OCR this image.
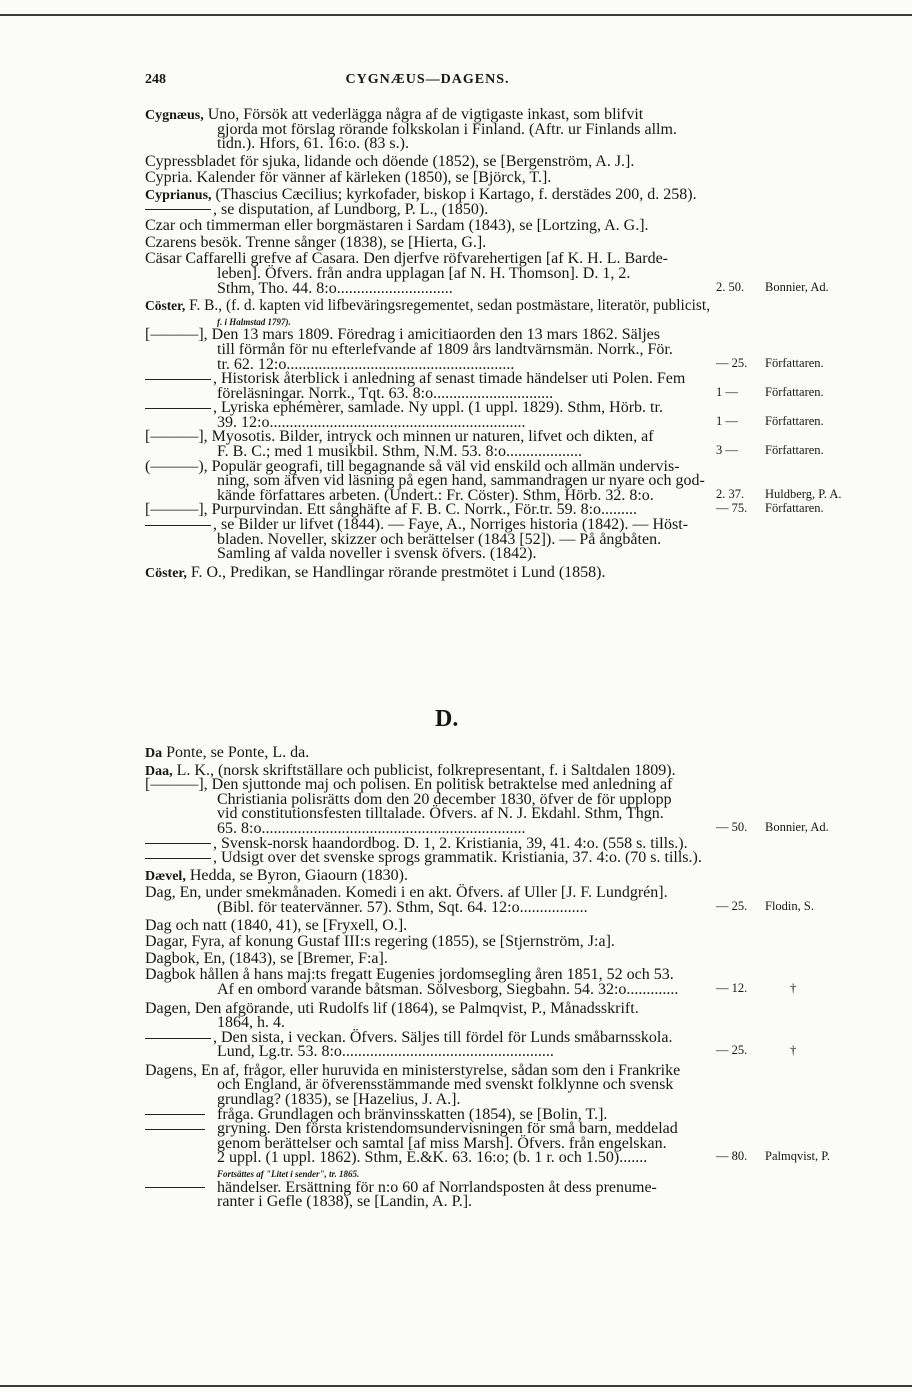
248	CYGNÆUS—DAGENS.
Cygnæus, Uno, Försök att vederlägga några af de vigtigaste inkast, som blifvit
gjorda mot förslag rörande folkskolan i Finland. (Aftr. ur Finlands allm.
tidn.). Hfors, 61. 16:o. (83 s.).
Cypressbladet för sjuka, lidande och döende (1852), se [Bergenström, A. J.].
Cypria. Kalender för vänner af kärleken (1850), se [Björck, T.].
Cyprianus, (Thascius Cæcilius; kyrkofader, biskop i Kartago, f. derstädes 200, d. 258).
, se disputation, af Lundborg, P. L., (1850).
Czar och timmerman eller borgmästaren i Sardam (1843), se [Lortzing, A. G.].
Czarens besök. Trenne sånger (1838), se [Hierta, G.].
Cäsar Caffarelli grefve af Casara. Den djerfve röfvarehertigen [af K. H. L. Barde-
leben]. Öfvers. från andra upplagan [af N. H. Thomson]. D. 1, 2.
Sthm, Tho. 44. 8:o.............................	2. 50. Bonnier, Ad.
Cöster, F. B., (f. d. kapten vid lifbeväringsregementet, sedan postmästare, literatör, publicist,
f. i Halmstad 1797).
[———], Den 13 mars 1809. Föredrag i amicitiaorden den 13 mars 1862. Säljes
till förmån för nu efterlefvande af 1809 års landtvärnsmän. Norrk., För.
tr. 62. 12:o.........................................................	— 25. Författaren.
, Historisk återblick i anledning af senast timade händelser uti Polen. Fem
föreläsningar. Norrk., Tqt. 63. 8:o..............................	1 — Författaren.
, Lyriska ephémèrer, samlade. Ny uppl. (1 uppl. 1829). Sthm, Hörb. tr.
39. 12:o................................................................	1 — Författaren.
[———], Myosotis. Bilder, intryck och minnen ur naturen, lifvet och dikten, af
F. B. C.; med 1 musikbil. Sthm, N.M. 53. 8:o...................	3 — Författaren.
(———), Populär geografi, till begagnande så väl vid enskild och allmän undervis-
ning, som äfven vid läsning på egen hand, sammandragen ur nyare och god-
kände författares arbeten. (Undert.: Fr. Cöster). Sthm, Hörb. 32. 8:o.	2. 37. Huldberg, P. A.
[———], Purpurvindan. Ett sånghäfte af F. B. C. Norrk., För.tr. 59. 8:o.........	— 75. Författaren.
, se Bilder ur lifvet (1844). — Faye, A., Norriges historia (1842). — Höst-
bladen. Noveller, skizzer och berättelser (1843 [52]). — På ångbåten.
Samling af valda noveller i svensk öfvers. (1842).
Cöster, F. O., Predikan, se Handlingar rörande prestmötet i Lund (1858).
D.
Da Ponte, se Ponte, L. da.
Daa, L. K., (norsk skriftställare och publicist, folkrepresentant, f. i Saltdalen 1809).
[———], Den sjuttonde maj och polisen. En politisk betraktelse med anledning af
Christiania polisrätts dom den 20 december 1830, öfver de för upplopp
vid constitutionsfesten tilltalade. Öfvers. af N. J. Ekdahl. Sthm, Thgn.
65. 8:o..................................................................	— 50. Bonnier, Ad.
, Svensk-norsk haandordbog. D. 1, 2. Kristiania, 39, 41. 4:o. (558 s. tills.).
, Udsigt over det svenske sprogs grammatik. Kristiania, 37. 4:o. (70 s. tills.).
Dævel, Hedda, se Byron, Giaourn (1830).
Dag, En, under smekmånaden. Komedi i en akt. Öfvers. af Uller [J. F. Lundgrén].
(Bibl. för teatervänner. 57). Sthm, Sqt. 64. 12:o.................	— 25. Flodin, S.
Dag och natt (1840, 41), se [Fryxell, O.].
Dagar, Fyra, af konung Gustaf III:s regering (1855), se [Stjernström, J:a].
Dagbok, En, (1843), se [Bremer, F:a].
Dagbok hållen å hans maj:ts fregatt Eugenies jordomsegling åren 1851, 52 och 53.
Af en ombord varande båtsman. Sölvesborg, Siegbahn. 54. 32:o.............	— 12.	†
Dagen, Den afgörande, uti Rudolfs lif (1864), se Palmqvist, P., Månadsskrift.
1864, h. 4.
, Den sista, i veckan. Öfvers. Säljes till fördel för Lunds småbarnsskola.
Lund, Lg.tr. 53. 8:o.....................................................	— 25.	†
Dagens, En af, frågor, eller huruvida en ministerstyrelse, sådan som den i Frankrike
och England, är öfverensstämmande med svenskt folklynne och svensk
grundlag? (1835), se [Hazelius, J. A.].
fråga. Grundlagen och bränvinsskatten (1854), se [Bolin, T.].
gryning. Den första kristendomsundervisningen för små barn, meddelad
genom berättelser och samtal [af miss Marsh]. Öfvers. från engelskan.
2 uppl. (1 uppl. 1862). Sthm, E.&K. 63. 16:o; (b. 1 r. och 1.50).......	— 80. Palmqvist, P.
Fortsättes af "Litet i sender", tr. 1865.
händelser. Ersättning för n:o 60 af Norrlandsposten åt dess prenume-
ranter i Gefle (1838), se [Landin, A. P.].
